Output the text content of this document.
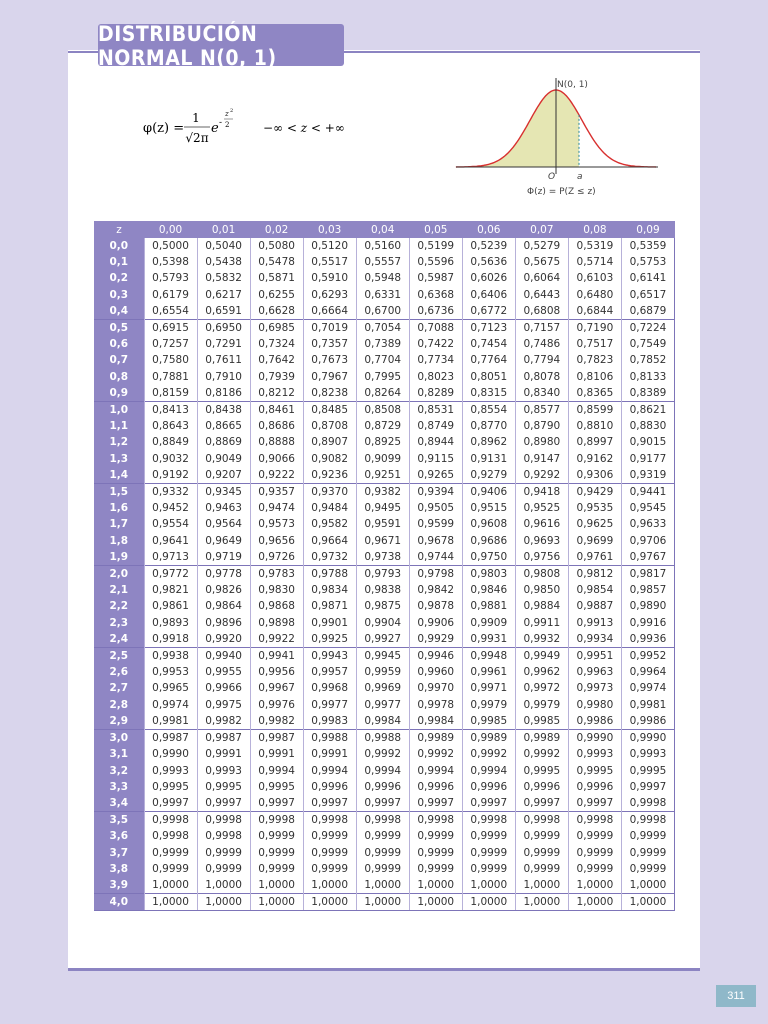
DISTRIBUCIÓN NORMAL N(0, 1)
φ(z) =
1
√2π
e -
z 2
2	−∞ < z < +∞
N(0, 1)
O a
Φ(z) = P(Z ≤ z)
z	0,00	0,01	0,02	0,03	0,04	0,05	0,06	0,07	0,08	0,09
0,0	0,5000	0,5040	0,5080	0,5120	0,5160	0,5199	0,5239	0,5279	0,5319	0,5359
0,1	0,5398	0,5438	0,5478	0,5517	0,5557	0,5596	0,5636	0,5675	0,5714	0,5753
0,2	0,5793	0,5832	0,5871	0,5910	0,5948	0,5987	0,6026	0,6064	0,6103	0,6141
0,3	0,6179	0,6217	0,6255	0,6293	0,6331	0,6368	0,6406	0,6443	0,6480	0,6517
0,4	0,6554	0,6591	0,6628	0,6664	0,6700	0,6736	0,6772	0,6808	0,6844	0,6879
0,5	0,6915	0,6950	0,6985	0,7019	0,7054	0,7088	0,7123	0,7157	0,7190	0,7224
0,6	0,7257	0,7291	0,7324	0,7357	0,7389	0,7422	0,7454	0,7486	0,7517	0,7549
0,7	0,7580	0,7611	0,7642	0,7673	0,7704	0,7734	0,7764	0,7794	0,7823	0,7852
0,8	0,7881	0,7910	0,7939	0,7967	0,7995	0,8023	0,8051	0,8078	0,8106	0,8133
0,9	0,8159	0,8186	0,8212	0,8238	0,8264	0,8289	0,8315	0,8340	0,8365	0,8389
1,0	0,8413	0,8438	0,8461	0,8485	0,8508	0,8531	0,8554	0,8577	0,8599	0,8621
1,1	0,8643	0,8665	0,8686	0,8708	0,8729	0,8749	0,8770	0,8790	0,8810	0,8830
1,2	0,8849	0,8869	0,8888	0,8907	0,8925	0,8944	0,8962	0,8980	0,8997	0,9015
1,3	0,9032	0,9049	0,9066	0,9082	0,9099	0,9115	0,9131	0,9147	0,9162	0,9177
1,4	0,9192	0,9207	0,9222	0,9236	0,9251	0,9265	0,9279	0,9292	0,9306	0,9319
1,5	0,9332	0,9345	0,9357	0,9370	0,9382	0,9394	0,9406	0,9418	0,9429	0,9441
1,6	0,9452	0,9463	0,9474	0,9484	0,9495	0,9505	0,9515	0,9525	0,9535	0,9545
1,7	0,9554	0,9564	0,9573	0,9582	0,9591	0,9599	0,9608	0,9616	0,9625	0,9633
1,8	0,9641	0,9649	0,9656	0,9664	0,9671	0,9678	0,9686	0,9693	0,9699	0,9706
1,9	0,9713	0,9719	0,9726	0,9732	0,9738	0,9744	0,9750	0,9756	0,9761	0,9767
2,0	0,9772	0,9778	0,9783	0,9788	0,9793	0,9798	0,9803	0,9808	0,9812	0,9817
2,1	0,9821	0,9826	0,9830	0,9834	0,9838	0,9842	0,9846	0,9850	0,9854	0,9857
2,2	0,9861	0,9864	0,9868	0,9871	0,9875	0,9878	0,9881	0,9884	0,9887	0,9890
2,3	0,9893	0,9896	0,9898	0,9901	0,9904	0,9906	0,9909	0,9911	0,9913	0,9916
2,4	0,9918	0,9920	0,9922	0,9925	0,9927	0,9929	0,9931	0,9932	0,9934	0,9936
2,5	0,9938	0,9940	0,9941	0,9943	0,9945	0,9946	0,9948	0,9949	0,9951	0,9952
2,6	0,9953	0,9955	0,9956	0,9957	0,9959	0,9960	0,9961	0,9962	0,9963	0,9964
2,7	0,9965	0,9966	0,9967	0,9968	0,9969	0,9970	0,9971	0,9972	0,9973	0,9974
2,8	0,9974	0,9975	0,9976	0,9977	0,9977	0,9978	0,9979	0,9979	0,9980	0,9981
2,9	0,9981	0,9982	0,9982	0,9983	0,9984	0,9984	0,9985	0,9985	0,9986	0,9986
3,0	0,9987	0,9987	0,9987	0,9988	0,9988	0,9989	0,9989	0,9989	0,9990	0,9990
3,1	0,9990	0,9991	0,9991	0,9991	0,9992	0,9992	0,9992	0,9992	0,9993	0,9993
3,2	0,9993	0,9993	0,9994	0,9994	0,9994	0,9994	0,9994	0,9995	0,9995	0,9995
3,3	0,9995	0,9995	0,9995	0,9996	0,9996	0,9996	0,9996	0,9996	0,9996	0,9997
3,4	0,9997	0,9997	0,9997	0,9997	0,9997	0,9997	0,9997	0,9997	0,9997	0,9998
3,5	0,9998	0,9998	0,9998	0,9998	0,9998	0,9998	0,9998	0,9998	0,9998	0,9998
3,6	0,9998	0,9998	0,9999	0,9999	0,9999	0,9999	0,9999	0,9999	0,9999	0,9999
3,7	0,9999	0,9999	0,9999	0,9999	0,9999	0,9999	0,9999	0,9999	0,9999	0,9999
3,8	0,9999	0,9999	0,9999	0,9999	0,9999	0,9999	0,9999	0,9999	0,9999	0,9999
3,9	1,0000	1,0000	1,0000	1,0000	1,0000	1,0000	1,0000	1,0000	1,0000	1,0000
4,0	1,0000	1,0000	1,0000	1,0000	1,0000	1,0000	1,0000	1,0000	1,0000	1,0000
311
